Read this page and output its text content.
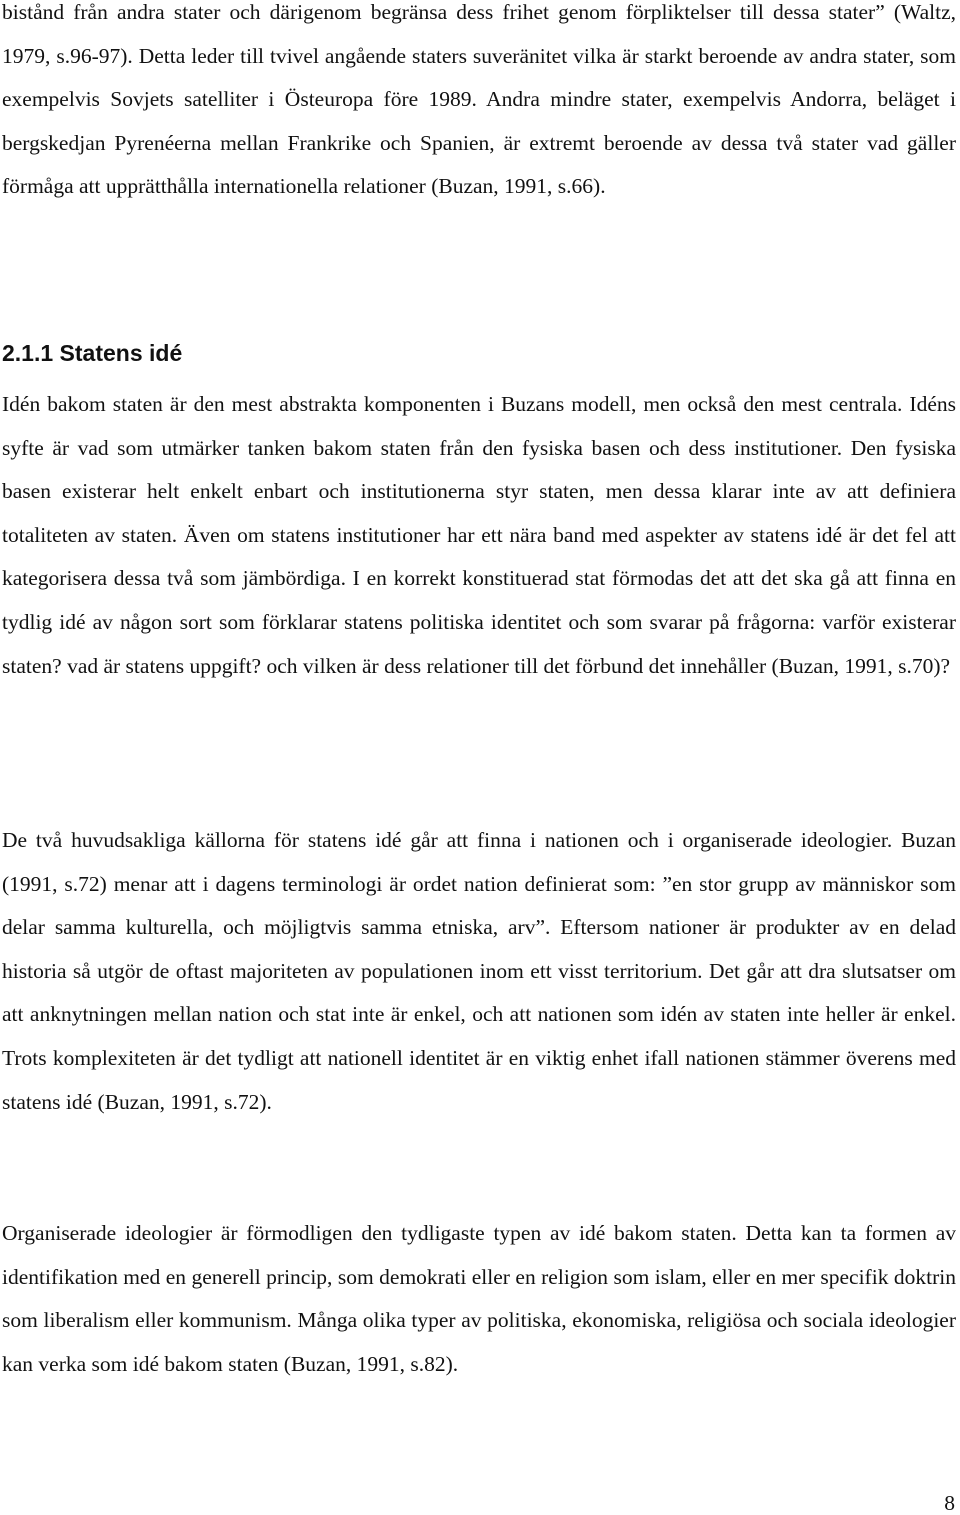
bistånd från andra stater och därigenom begränsa dess frihet genom förpliktelser till dessa stater” (Waltz, 1979, s.96-97). Detta leder till tvivel angående staters suveränitet vilka är starkt beroende av andra stater, som exempelvis Sovjets satelliter i Östeuropa före 1989. Andra mindre stater, exempelvis Andorra, beläget i bergskedjan Pyrenéerna mellan Frankrike och Spanien, är extremt beroende av dessa två stater vad gäller förmåga att upprätthålla internationella relationer (Buzan, 1991, s.66).

2.1.1 Statens idé

Idén bakom staten är den mest abstrakta komponenten i Buzans modell, men också den mest centrala. Idéns syfte är vad som utmärker tanken bakom staten från den fysiska basen och dess institutioner. Den fysiska basen existerar helt enkelt enbart och institutionerna styr staten, men dessa klarar inte av att definiera totaliteten av staten. Även om statens institutioner har ett nära band med aspekter av statens idé är det fel att kategorisera dessa två som jämbördiga. I en korrekt konstituerad stat förmodas det att det ska gå att finna en tydlig idé av någon sort som förklarar statens politiska identitet och som svarar på frågorna: varför existerar staten? vad är statens uppgift? och vilken är dess relationer till det förbund det innehåller (Buzan, 1991, s.70)?

De två huvudsakliga källorna för statens idé går att finna i nationen och i organiserade ideologier. Buzan (1991, s.72) menar att i dagens terminologi är ordet nation definierat som: ”en stor grupp av människor som delar samma kulturella, och möjligtvis samma etniska, arv”. Eftersom nationer är produkter av en delad historia så utgör de oftast majoriteten av populationen inom ett visst territorium. Det går att dra slutsatser om att anknytningen mellan nation och stat inte är enkel, och att nationen som idén av staten inte heller är enkel. Trots komplexiteten är det tydligt att nationell identitet är en viktig enhet ifall nationen stämmer överens med statens idé (Buzan, 1991, s.72).

Organiserade ideologier är förmodligen den tydligaste typen av idé bakom staten. Detta kan ta formen av identifikation med en generell princip, som demokrati eller en religion som islam, eller en mer specifik doktrin som liberalism eller kommunism. Många olika typer av politiska, ekonomiska, religiösa och sociala ideologier kan verka som idé bakom staten (Buzan, 1991, s.82).

8
